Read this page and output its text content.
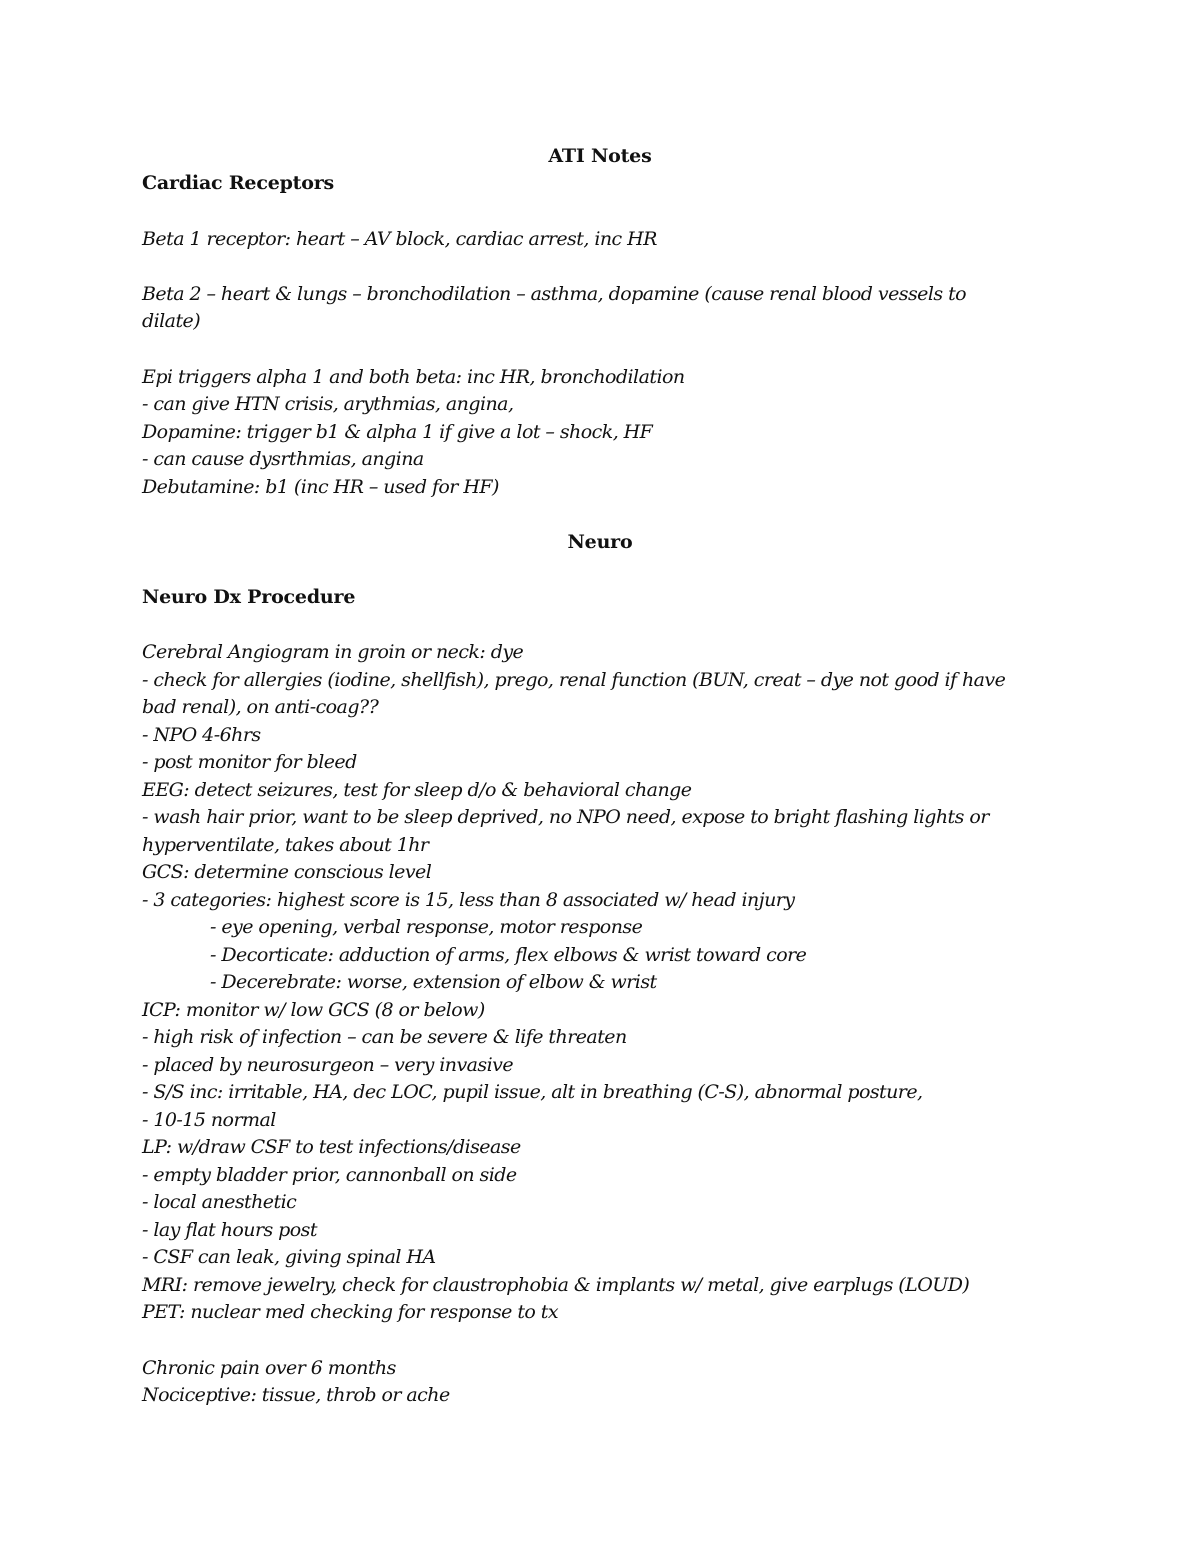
ATI Notes
Cardiac Receptors
Beta 1 receptor: heart – AV block, cardiac arrest, inc HR
Beta 2 – heart & lungs – bronchodilation – asthma, dopamine (cause renal blood vessels to
dilate)
Epi triggers alpha 1 and both beta: inc HR, bronchodilation
- can give HTN crisis, arythmias, angina,
Dopamine: trigger b1 & alpha 1 if give a lot – shock, HF
- can cause dysrthmias, angina
Debutamine: b1 (inc HR – used for HF)
Neuro
Neuro Dx Procedure
Cerebral Angiogram in groin or neck: dye
- check for allergies (iodine, shellfish), prego, renal function (BUN, creat – dye not good if have
bad renal), on anti-coag??
- NPO 4-6hrs
- post monitor for bleed
EEG: detect seizures, test for sleep d/o & behavioral change
- wash hair prior, want to be sleep deprived, no NPO need, expose to bright flashing lights or
hyperventilate, takes about 1hr
GCS: determine conscious level
- 3 categories: highest score is 15, less than 8 associated w/ head injury
- eye opening, verbal response, motor response
- Decorticate: adduction of arms, flex elbows & wrist toward core
- Decerebrate: worse, extension of elbow & wrist
ICP: monitor w/ low GCS (8 or below)
- high risk of infection – can be severe & life threaten
- placed by neurosurgeon – very invasive
- S/S inc: irritable, HA, dec LOC, pupil issue, alt in breathing (C-S), abnormal posture,
- 10-15 normal
LP: w/draw CSF to test infections/disease
- empty bladder prior, cannonball on side
- local anesthetic
- lay flat hours post
- CSF can leak, giving spinal HA
MRI: remove jewelry, check for claustrophobia & implants w/ metal, give earplugs (LOUD)
PET: nuclear med checking for response to tx
Chronic pain over 6 months
Nociceptive: tissue, throb or ache
